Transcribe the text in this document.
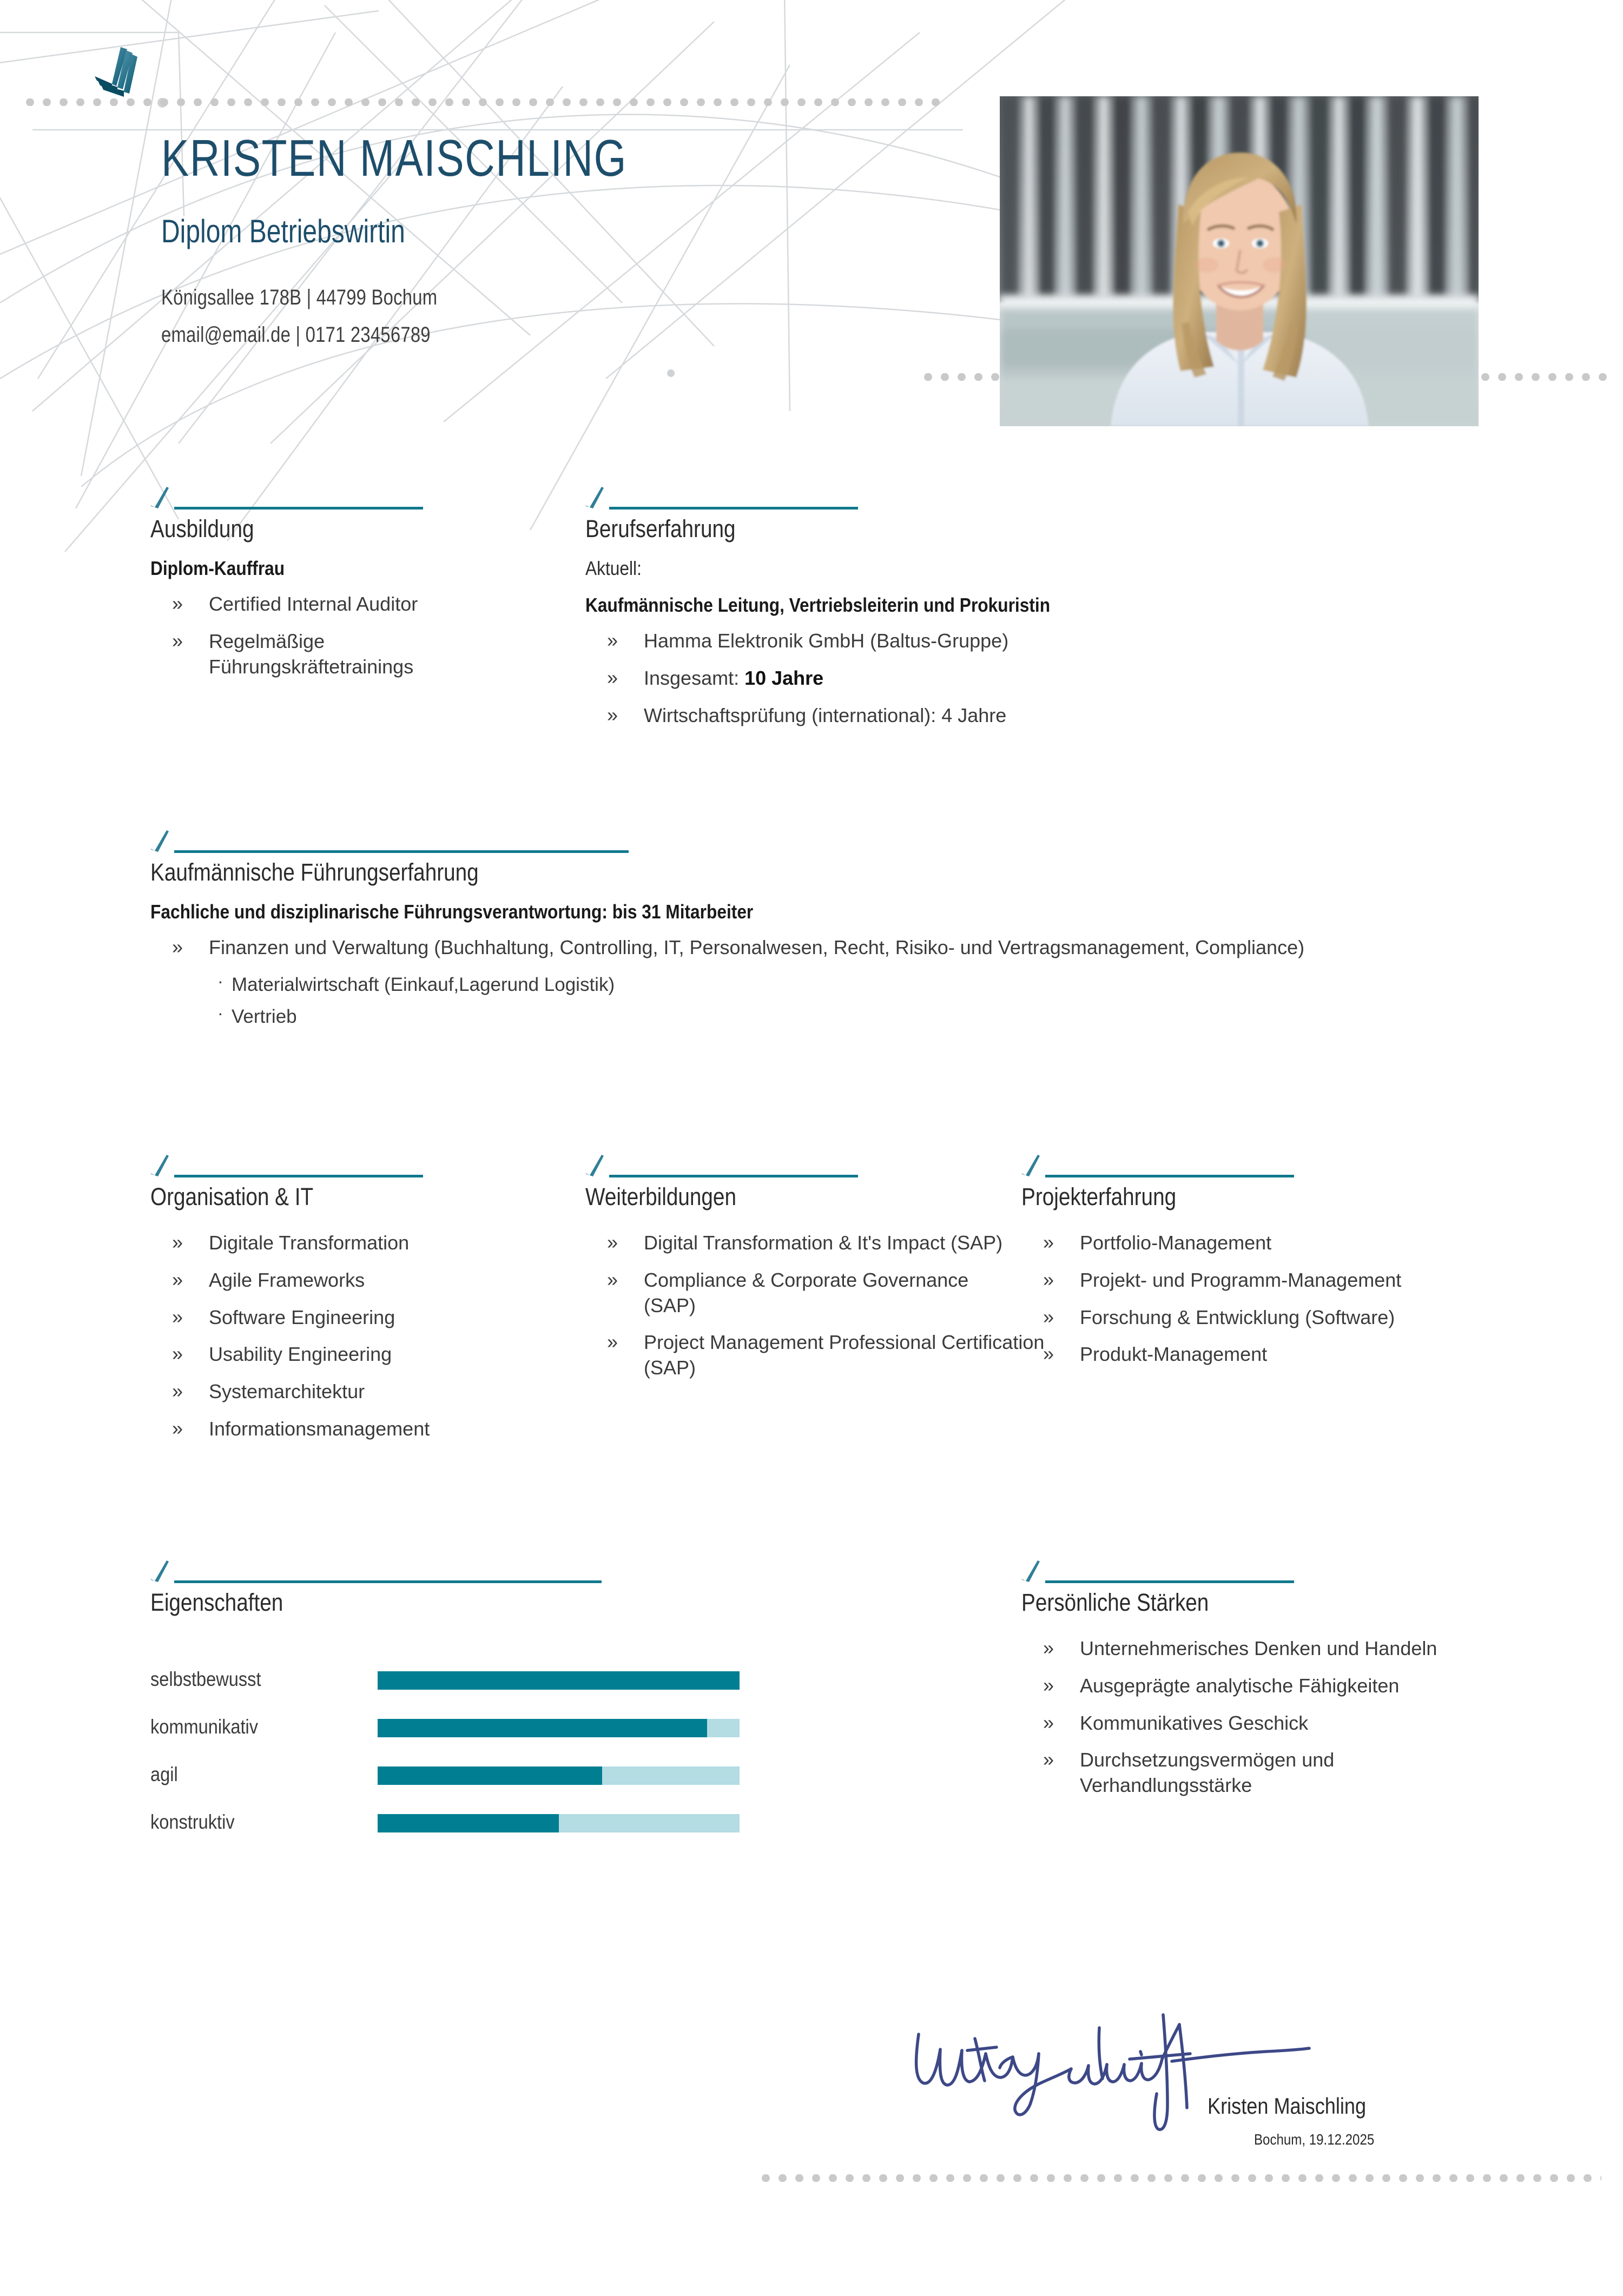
KRISTEN MAISCHLING
Diplom Betriebswirtin
Königsallee 178B | 44799 Bochum
email@email.de | 0171 23456789
Ausbildung
Diplom-Kauffrau
» Certified Internal Auditor
» Regelmäßige Führungskräftetrainings
Berufserfahrung
Aktuell:
Kaufmännische Leitung, Vertriebsleiterin und Prokuristin
» Hamma Elektronik GmbH (Baltus-Gruppe)
» Insgesamt: 10 Jahre
» Wirtschaftsprüfung (international): 4 Jahre
Kaufmännische Führungserfahrung
Fachliche und disziplinarische Führungsverantwortung: bis 31 Mitarbeiter
» Finanzen und Verwaltung (Buchhaltung, Controlling, IT, Personalwesen, Recht, Risiko- und Vertragsmanagement, Compliance)
· Materialwirtschaft (Einkauf,Lagerund Logistik)
· Vertrieb
Organisation & IT
» Digitale Transformation
» Agile Frameworks
» Software Engineering
» Usability Engineering
» Systemarchitektur
» Informationsmanagement
Weiterbildungen
» Digital Transformation & It's Impact (SAP)
» Compliance & Corporate Governance (SAP)
» Project Management Professional Certification (SAP)
Projekterfahrung
» Portfolio-Management
» Projekt- und Programm-Management
» Forschung & Entwicklung (Software)
» Produkt-Management
Eigenschaften
selbstbewusst
kommunikativ
agil
konstruktiv
Persönliche Stärken
» Unternehmerisches Denken und Handeln
» Ausgeprägte analytische Fähigkeiten
» Kommunikatives Geschick
» Durchsetzungsvermögen und Verhandlungsstärke
Kristen Maischling
Bochum, 19.12.2025
